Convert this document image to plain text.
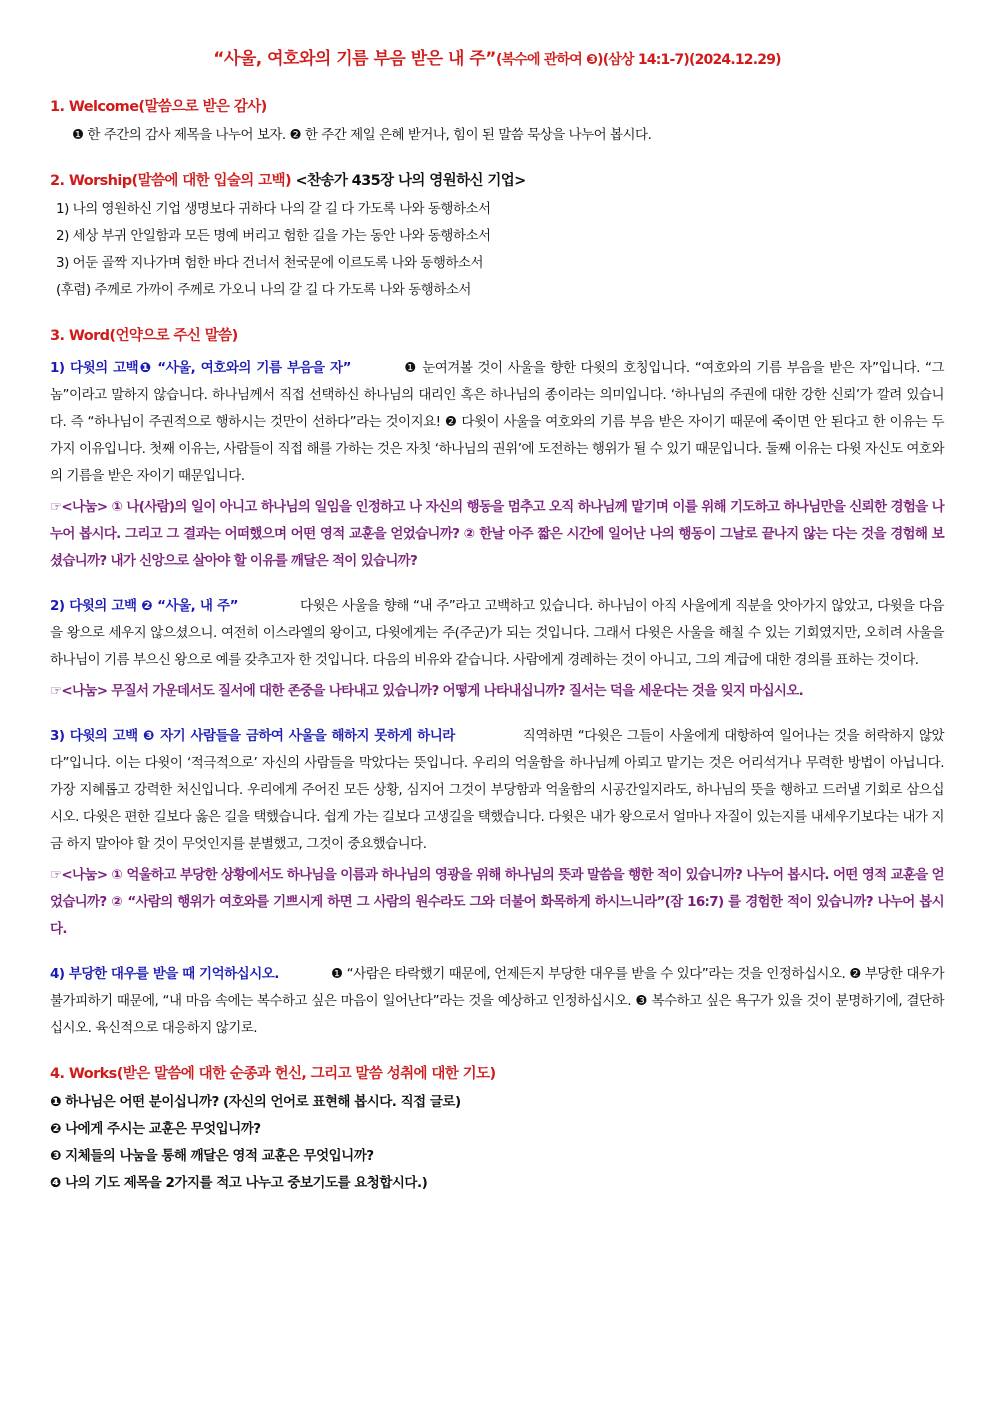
“사울, 여호와의 기름 부음 받은 내 주”(복수에 관하여 ❸)(삼상 14:1-7)(2024.12.29)
1. Welcome(말씀으로 받은 감사)
❶ 한 주간의 감사 제목을 나누어 보자. ❷ 한 주간 제일 은혜 받거나, 힘이 된 말씀 묵상을 나누어 봅시다.
2. Worship(말씀에 대한 입술의 고백) <찬송가 435장 나의 영원하신 기업>
1) 나의 영원하신 기업 생명보다 귀하다 나의 갈 길 다 가도록 나와 동행하소서
2) 세상 부귀 안일함과 모든 명예 버리고 험한 길을 가는 동안 나와 동행하소서
3) 어둔 골짝 지나가며 험한 바다 건너서 천국문에 이르도록 나와 동행하소서
(후렴) 주께로 가까이 주께로 가오니 나의 갈 길 다 가도록 나와 동행하소서
3. Word(언약으로 주신 말씀)

1) 다윗의 고백❶ “사울, 여호와의 기름 부음을 자”	❶ 눈여겨볼 것이 사울을 향한 다윗의 호칭입니다. “여호와의 기름 부음을 받은 자”입니다. “그놈”이라고 말하지 않습니다. 하나님께서 직접 선택하신 하나님의 대리인 혹은 하나님의 종이라는 의미입니다. ‘하나님의 주권에 대한 강한 신뢰’가 깔려 있습니다. 즉 “하나님이 주권적으로 행하시는 것만이 선하다”라는 것이지요! ❷ 다윗이 사울을 여호와의 기름 부음 받은 자이기 때문에 죽이면 안 된다고 한 이유는 두 가지 이유입니다. 첫째 이유는, 사람들이 직접 해를 가하는 것은 자칫 ‘하나님의 권위’에 도전하는 행위가 될 수 있기 때문입니다. 둘째 이유는 다윗 자신도 여호와의 기름을 받은 자이기 때문입니다.

☞<나눔> ① 나(사람)의 일이 아니고 하나님의 일임을 인정하고 나 자신의 행동을 멈추고 오직 하나님께 맡기며 이를 위해 기도하고 하나님만을 신뢰한 경험을 나누어 봅시다. 그리고 그 결과는 어떠했으며 어떤 영적 교훈을 얻었습니까? ② 한날 아주 짧은 시간에 일어난 나의 행동이 그날로 끝나지 않는 다는 것을 경험해 보셨습니까? 내가 신앙으로 살아야 할 이유를 깨달은 적이 있습니까?

2) 다윗의 고백 ❷ “사울, 내 주”	다윗은 사울을 향해 “내 주”라고 고백하고 있습니다. 하나님이 아직 사울에게 직분을 앗아가지 않았고, 다윗을 다음을 왕으로 세우지 않으셨으니. 여전히 이스라엘의 왕이고, 다윗에게는 주(주군)가 되는 것입니다. 그래서 다윗은 사울을 해칠 수 있는 기회였지만, 오히려 사울을 하나님이 기름 부으신 왕으로 예를 갖추고자 한 것입니다. 다음의 비유와 같습니다. 사람에게 경례하는 것이 아니고, 그의 계급에 대한 경의를 표하는 것이다.

☞<나눔> 무질서 가운데서도 질서에 대한 존중을 나타내고 있습니까? 어떻게 나타내십니까? 질서는 덕을 세운다는 것을 잊지 마십시오.

3) 다윗의 고백 ❸ 자기 사람들을 금하여 사울을 해하지 못하게 하니라	직역하면 “다윗은 그들이 사울에게 대항하여 일어나는 것을 허락하지 않았다”입니다. 이는 다윗이 ‘적극적으로’ 자신의 사람들을 막았다는 뜻입니다. 우리의 억울함을 하나님께 아뢰고 맡기는 것은 어리석거나 무력한 방법이 아닙니다. 가장 지혜롭고 강력한 처신입니다. 우리에게 주어진 모든 상황, 심지어 그것이 부당함과 억울함의 시공간일지라도, 하나님의 뜻을 행하고 드러낼 기회로 삼으십시오. 다윗은 편한 길보다 옳은 길을 택했습니다. 쉽게 가는 길보다 고생길을 택했습니다. 다윗은 내가 왕으로서 얼마나 자질이 있는지를 내세우기보다는 내가 지금 하지 말아야 할 것이 무엇인지를 분별했고, 그것이 중요했습니다.

☞<나눔> ① 억울하고 부당한 상황에서도 하나님을 이름과 하나님의 영광을 위해 하나님의 뜻과 말씀을 행한 적이 있습니까? 나누어 봅시다. 어떤 영적 교훈을 얻었습니까? ② “사람의 행위가 여호와를 기쁘시게 하면 그 사람의 원수라도 그와 더불어 화목하게 하시느니라”(잠 16:7) 를 경험한 적이 있습니까? 나누어 봅시다.

4) 부당한 대우를 받을 때 기억하십시오.	❶ “사람은 타락했기 때문에, 언제든지 부당한 대우를 받을 수 있다”라는 것을 인정하십시오. ❷ 부당한 대우가 불가피하기 때문에, “내 마음 속에는 복수하고 싶은 마음이 일어난다”라는 것을 예상하고 인정하십시오. ❸ 복수하고 싶은 욕구가 있을 것이 분명하기에, 결단하십시오. 육신적으로 대응하지 않기로.

4. Works(받은 말씀에 대한 순종과 헌신, 그리고 말씀 성취에 대한 기도)
❶ 하나님은 어떤 분이십니까? (자신의 언어로 표현해 봅시다. 직접 글로)
❷ 나에게 주시는 교훈은 무엇입니까?
❸ 지체들의 나눔을 통해 깨달은 영적 교훈은 무엇입니까?
❹ 나의 기도 제목을 2가지를 적고 나누고 중보기도를 요청합시다.)
